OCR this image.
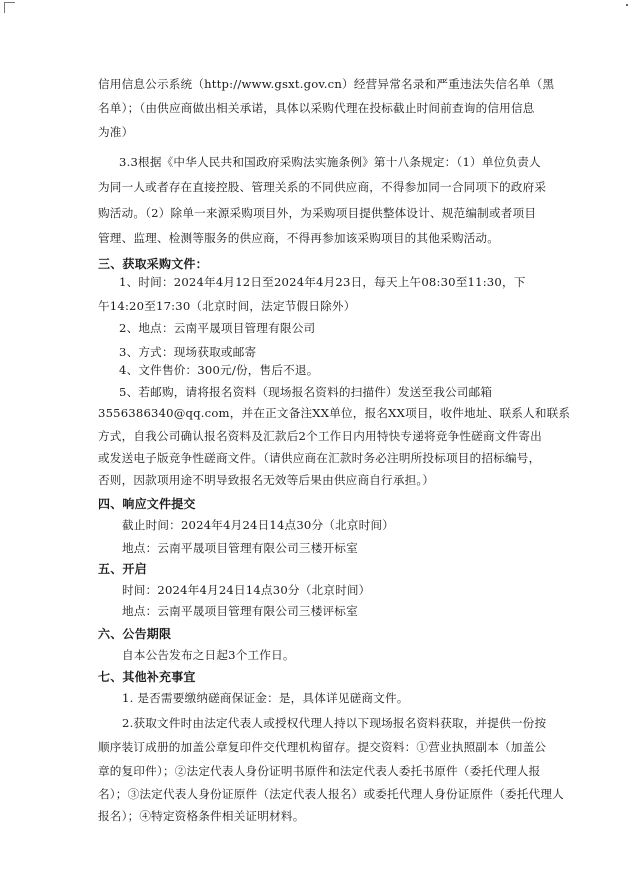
信用信息公示系统（http://www.gsxt.gov.cn）经营异常名录和严重违法失信名单（黑
名单）；（由供应商做出相关承诺，具体以采购代理在投标截止时间前查询的信用信息
为准）
3.3根据《中华人民共和国政府采购法实施条例》第十八条规定：（1）单位负责人
为同一人或者存在直接控股、管理关系的不同供应商，不得参加同一合同项下的政府采
购活动。（2）除单一来源采购项目外，为采购项目提供整体设计、规范编制或者项目
管理、监理、检测等服务的供应商，不得再参加该采购项目的其他采购活动。
三、获取采购文件：
1、时间：2024年4月12日至2024年4月23日，每天上午08:30至11:30，下
午14:20至17:30（北京时间，法定节假日除外）
2、地点：云南平晟项目管理有限公司
3、方式：现场获取或邮寄
4、文件售价：300元/份，售后不退。
5、若邮购，请将报名资料（现场报名资料的扫描件）发送至我公司邮箱
3556386340@qq.com，并在正文备注XX单位，报名XX项目，收件地址、联系人和联系
方式，自我公司确认报名资料及汇款后2个工作日内用特快专递将竞争性磋商文件寄出
或发送电子版竞争性磋商文件。（请供应商在汇款时务必注明所投标项目的招标编号，
否则，因款项用途不明导致报名无效等后果由供应商自行承担。）
四、响应文件提交
截止时间：2024年4月24日14点30分（北京时间）
地点：云南平晟项目管理有限公司三楼开标室
五、开启
时间：2024年4月24日14点30分（北京时间）
地点：云南平晟项目管理有限公司三楼评标室
六、公告期限
自本公告发布之日起3个工作日。
七、其他补充事宜
1. 是否需要缴纳磋商保证金：是，具体详见磋商文件。
2.获取文件时由法定代表人或授权代理人持以下现场报名资料获取，并提供一份按
顺序装订成册的加盖公章复印件交代理机构留存。提交资料：①营业执照副本（加盖公
章的复印件）；②法定代表人身份证明书原件和法定代表人委托书原件（委托代理人报
名）；③法定代表人身份证原件（法定代表人报名）或委托代理人身份证原件（委托代理人
报名）；④特定资格条件相关证明材料。
